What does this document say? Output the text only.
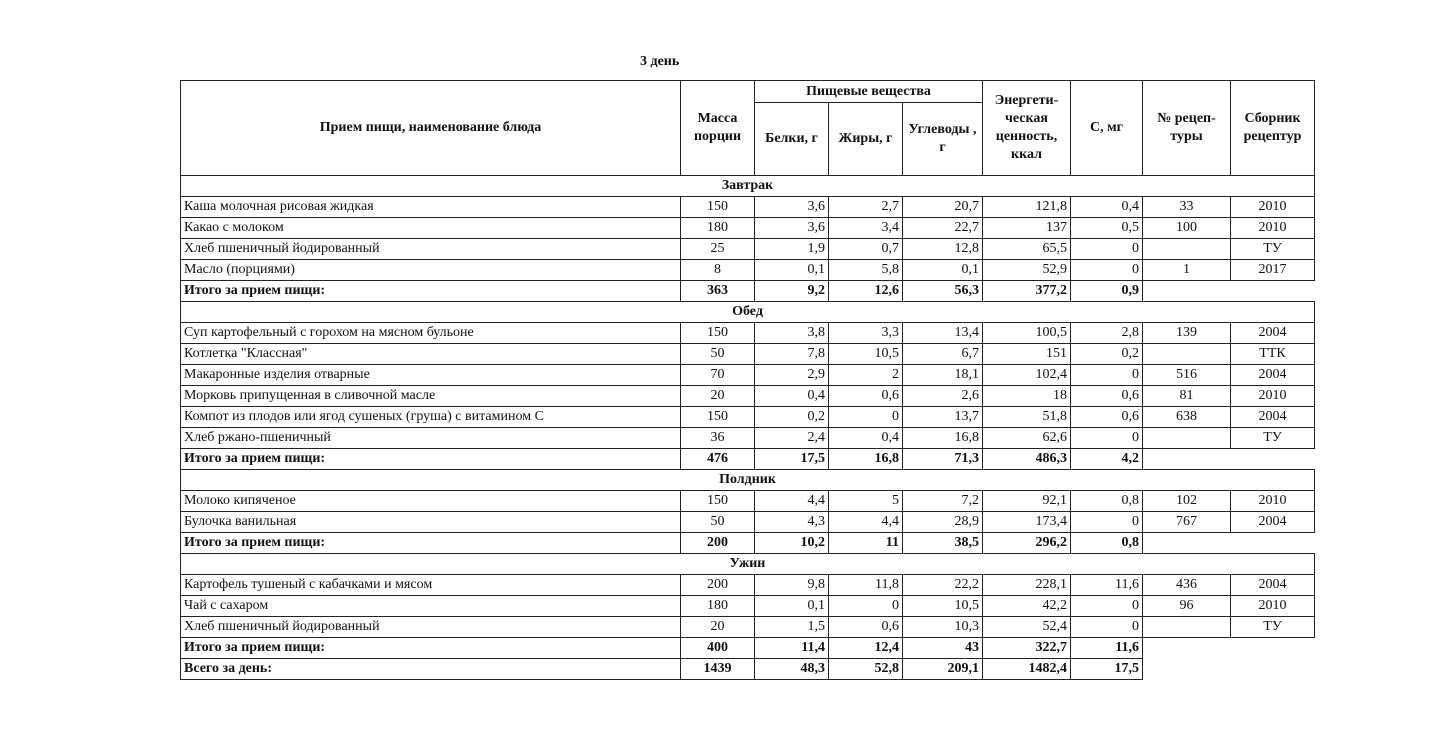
3 день
Прием пищи, наименование блюда	Масса порции	Пищевые вещества			Энергети-ческая ценность, ккал	С, мг	№ рецеп-туры	Сборник рецептур
		Белки, г	Жиры, г	Углеводы , г				
Завтрак								
Каша молочная рисовая жидкая	150	3,6	2,7	20,7	121,8	0,4	33	2010
Какао с молоком	180	3,6	3,4	22,7	137	0,5	100	2010
Хлеб пшеничный йодированный	25	1,9	0,7	12,8	65,5	0		ТУ
Масло (порциями)	8	0,1	5,8	0,1	52,9	0	1	2017
Итого за прием пищи:	363	9,2	12,6	56,3	377,2	0,9		
Обед								
Суп картофельный с горохом на мясном бульоне	150	3,8	3,3	13,4	100,5	2,8	139	2004
Котлетка "Классная"	50	7,8	10,5	6,7	151	0,2		ТТК
Макаронные изделия отварные	70	2,9	2	18,1	102,4	0	516	2004
Морковь припущенная в сливочной масле	20	0,4	0,6	2,6	18	0,6	81	2010
Компот из плодов или ягод сушеных (груша) с витамином С	150	0,2	0	13,7	51,8	0,6	638	2004
Хлеб ржано-пшеничный	36	2,4	0,4	16,8	62,6	0		ТУ
Итого за прием пищи:	476	17,5	16,8	71,3	486,3	4,2		
Полдник								
Молоко кипяченое	150	4,4	5	7,2	92,1	0,8	102	2010
Булочка ванильная	50	4,3	4,4	28,9	173,4	0	767	2004
Итого за прием пищи:	200	10,2	11	38,5	296,2	0,8		
Ужин								
Картофель тушеный с кабачками и мясом	200	9,8	11,8	22,2	228,1	11,6	436	2004
Чай с сахаром	180	0,1	0	10,5	42,2	0	96	2010
Хлеб пшеничный йодированный	20	1,5	0,6	10,3	52,4	0		ТУ
Итого за прием пищи:	400	11,4	12,4	43	322,7	11,6		
Всего за день:	1439	48,3	52,8	209,1	1482,4	17,5		
